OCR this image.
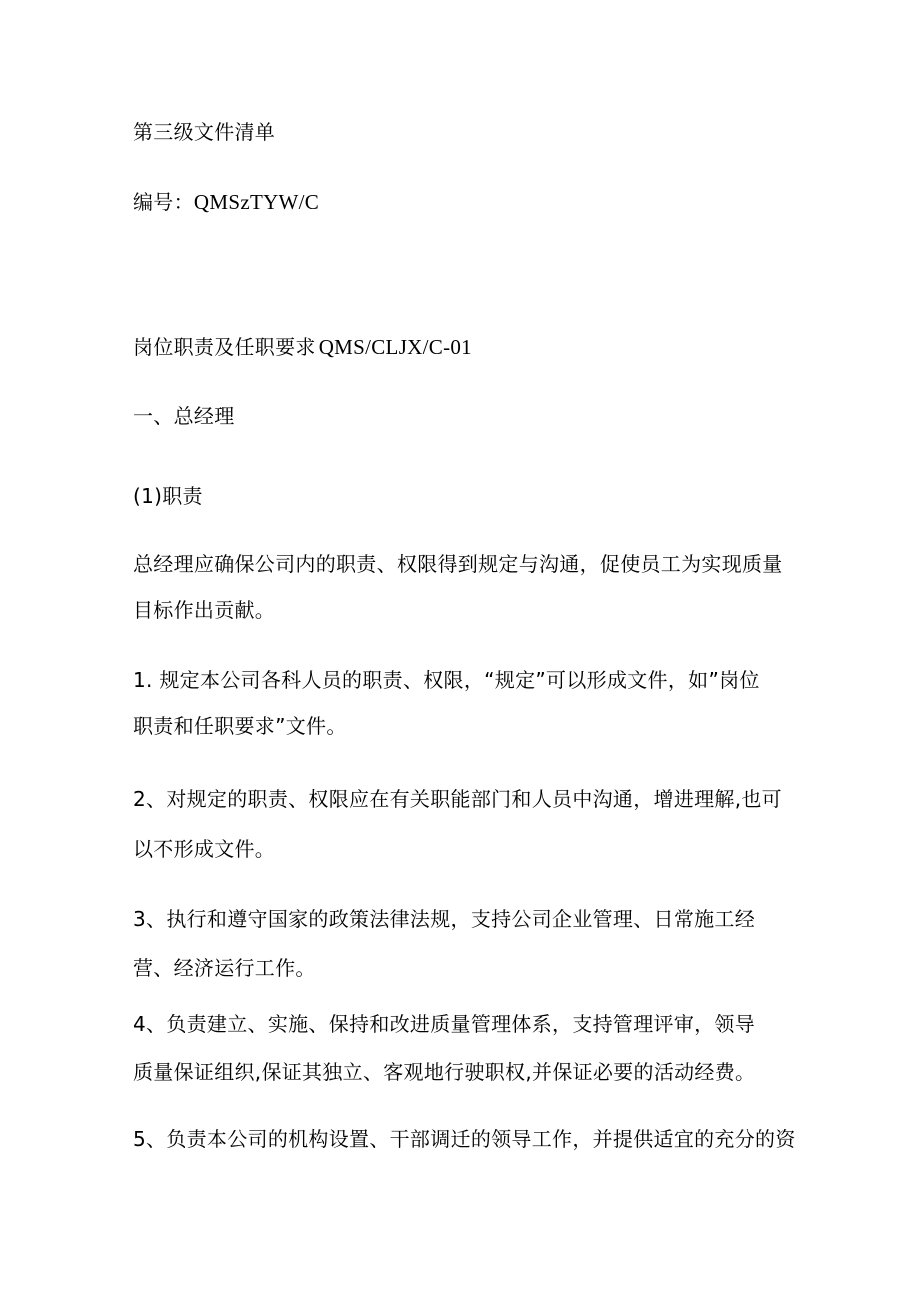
第三级文件清单
编号：QMSzTYW/C
岗位职责及任职要求 QMS/CLJX/C-01
一、总经理
(1)职责
总经理应确保公司内的职责、权限得到规定与沟通，促使员工为实现质量
目标作出贡献。
1. 规定本公司各科人员的职责、权限，“规定”可以形成文件，如”岗位
职责和任职要求”文件。
2、对规定的职责、权限应在有关职能部门和人员中沟通，增进理解,也可
以不形成文件。
3、执行和遵守国家的政策法律法规，支持公司企业管理、日常施工经
营、经济运行工作。
4、负责建立、实施、保持和改进质量管理体系，支持管理评审，领导
质量保证组织,保证其独立、客观地行驶职权,并保证必要的活动经费。
5、负责本公司的机构设置、干部调迁的领导工作，并提供适宜的充分的资
